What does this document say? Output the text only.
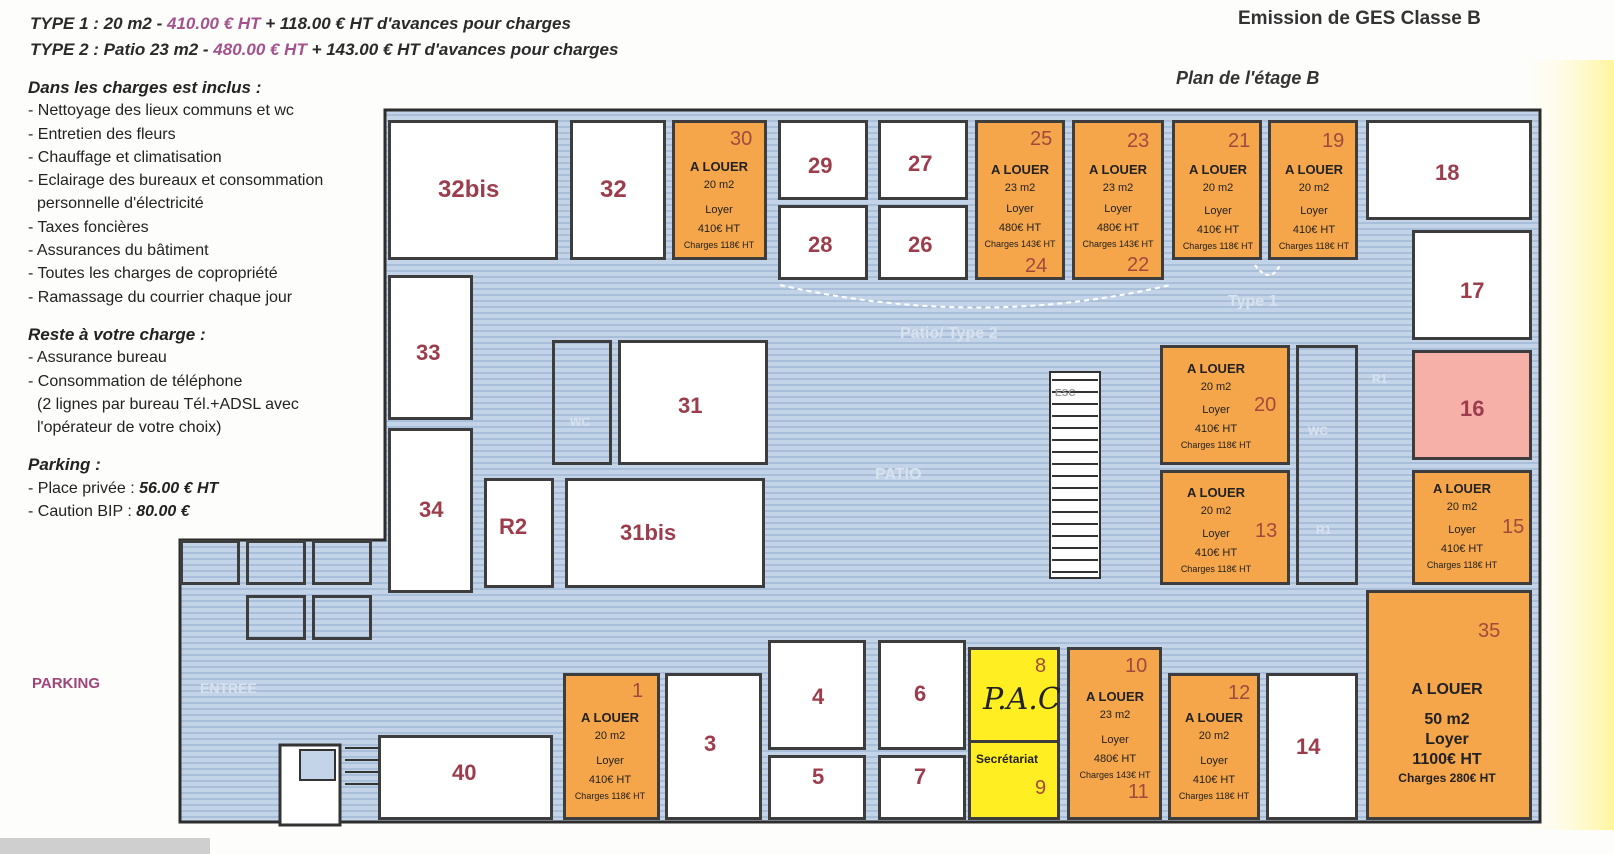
TYPE 1 : 20 m2 - 410.00 € HT + 118.00 € HT d'avances pour charges
TYPE 2 : Patio 23 m2 - 480.00 € HT + 143.00 € HT d'avances pour charges
Emission de GES Classe B
Plan de l'étage B
Dans les charges est inclus :
- Nettoyage des lieux communs et wc
- Entretien des fleurs
- Chauffage et climatisation
- Eclairage des bureaux et consommation
personnelle d'électricité
- Taxes foncières
- Assurances du bâtiment
- Toutes les charges de copropriété
- Ramassage du courrier chaque jour
Reste à votre charge :
- Assurance bureau
- Consommation de téléphone
(2 lignes par bureau Tél.+ADSL avec
l'opérateur de votre choix)
Parking :
- Place privée : 56.00 € HT
- Caution BIP : 80.00 €
ENTREE
PATIO
Patio/ Type 2
Type 1
ESC
WC
WC
R1
R1
PARKING
32bis	32
30
29
28
27
26
25
24
23
22
21	19
18
17
16
33
31
34
R2	31bis
20
13	15
35
1
3
4
5
6
7
8
9
10
11
12
14
40
A LOUER
20 m2
Loyer
410€ HT
Charges 118€ HT
A LOUER
20 m2
Loyer
410€ HT
Charges 118€ HT
A LOUER
20 m2
Loyer
410€ HT
Charges 118€ HT
A LOUER
20 m2
Loyer
410€ HT
Charges 118€ HT
A LOUER
20 m2
Loyer
410€ HT
Charges 118€ HT
A LOUER
20 m2
Loyer
410€ HT
Charges 118€ HT
A LOUER
20 m2
Loyer
410€ HT
Charges 118€ HT
A LOUER
20 m2
Loyer
410€ HT
Charges 118€ HT
A LOUER
23 m2
Loyer
480€ HT
Charges 143€ HT
A LOUER
23 m2
Loyer
480€ HT
Charges 143€ HT
A LOUER
23 m2
Loyer
480€ HT
Charges 143€ HT
A LOUER
50 m2
Loyer
1100€ HT
Charges 280€ HT
P.A.C
Secrétariat
